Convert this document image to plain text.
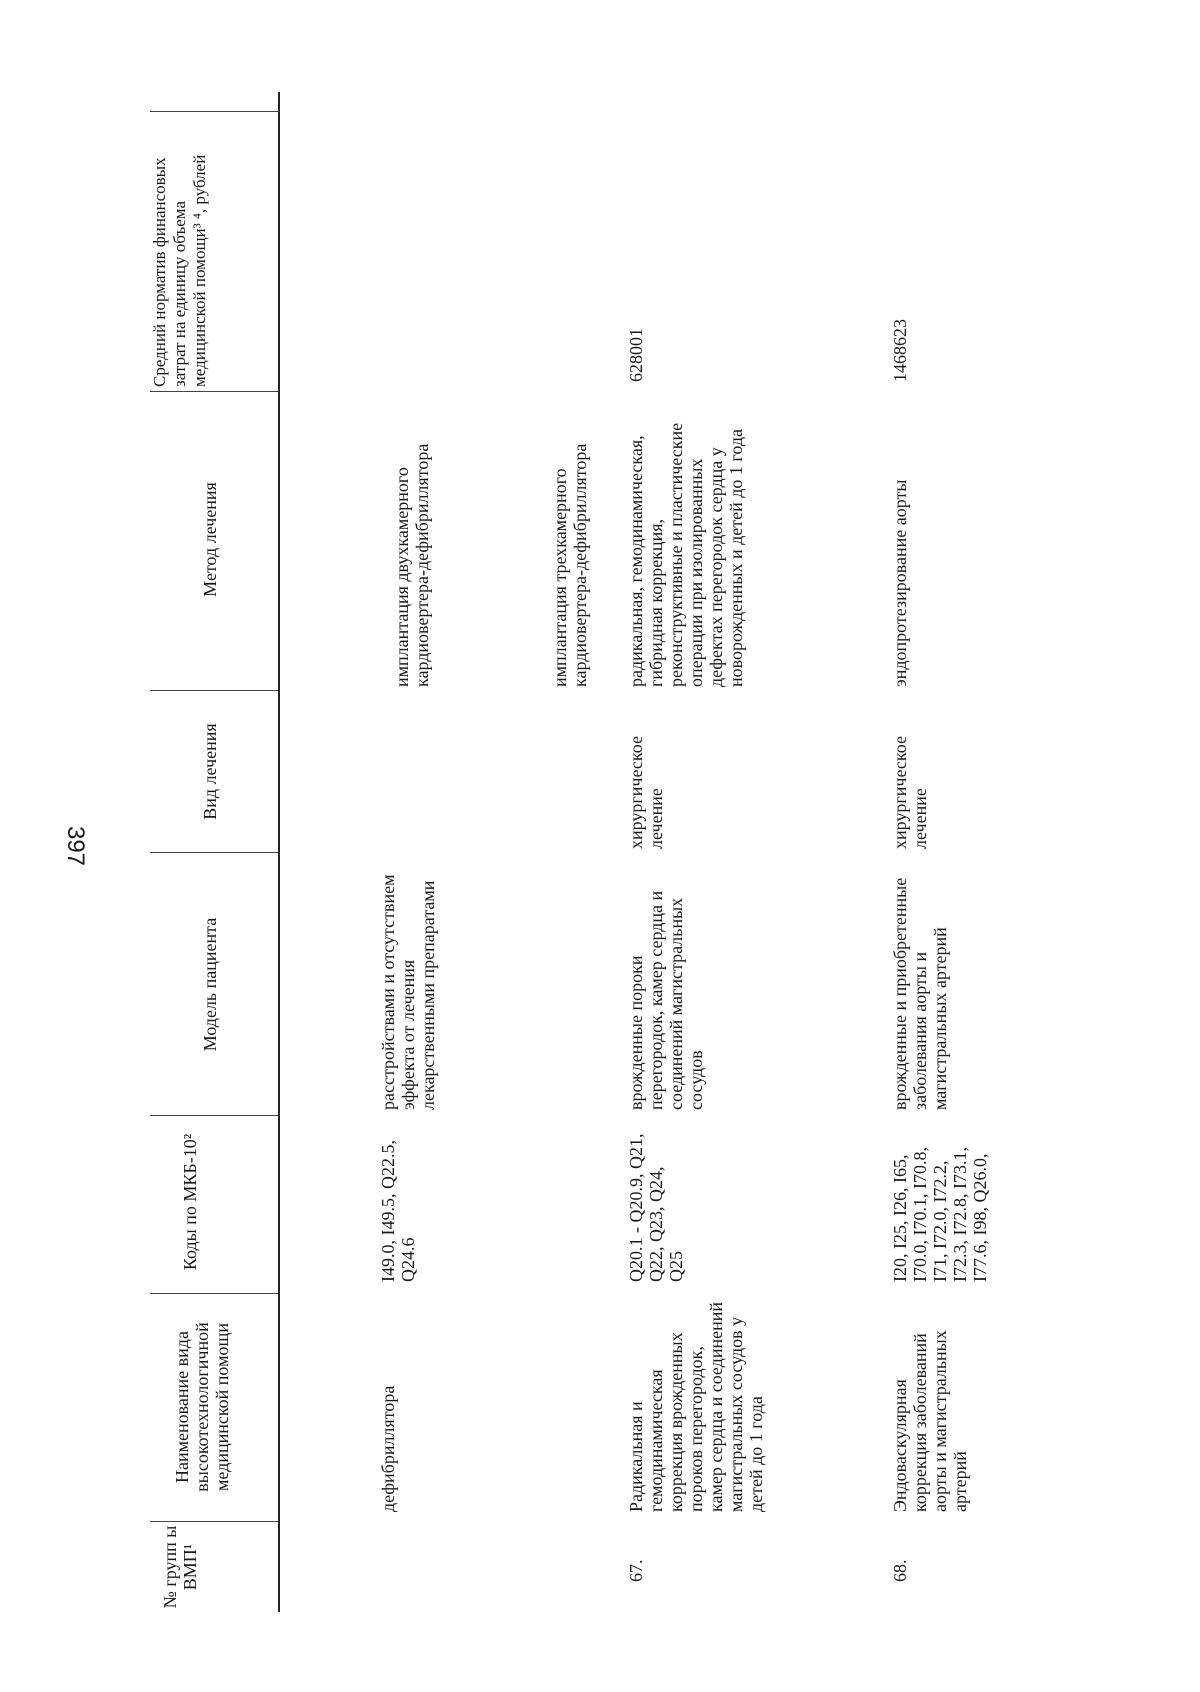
397
№ групп ы ВМП¹
Наименование вида высокотехнологичной медицинской помощи
Коды по МКБ-10²
Модель пациента
Вид лечения
Метод лечения
Средний норматив финансовых затрат на единицу объема медицинской помощи³ ⁴, рублей
дефибриллятора
I49.0, I49.5, Q22.5, Q24.6
расстройствами и отсутствием эффекта от лечения лекарственными препаратами
имплантация двухкамерного кардиовертера-дефибриллятора	имплантация трехкамерного кардиовертера-дефибриллятора
67.
Радикальная и гемодинамическая коррекция врожденных пороков перегородок, камер сердца и соединений магистральных сосудов у детей до 1 года
Q20.1 - Q20.9, Q21, Q22, Q23, Q24, Q25
врожденные пороки перегородок, камер сердца и соединений магистральных сосудов
хирургическое лечение
радикальная, гемодинамическая, гибридная коррекция, реконструктивные и пластические операции при изолированных дефектах перегородок сердца у новорожденных и детей до 1 года
628001
68.
Эндоваскулярная коррекция заболеваний аорты и магистральных артерий
I20, I25, I26, I65, I70.0, I70.1, I70.8, I71, I72.0, I72.2, I72.3, I72.8, I73.1, I77.6, I98, Q26.0,
врожденные и приобретенные заболевания аорты и магистральных артерий
хирургическое лечение
эндопротезирование аорты
1468623
